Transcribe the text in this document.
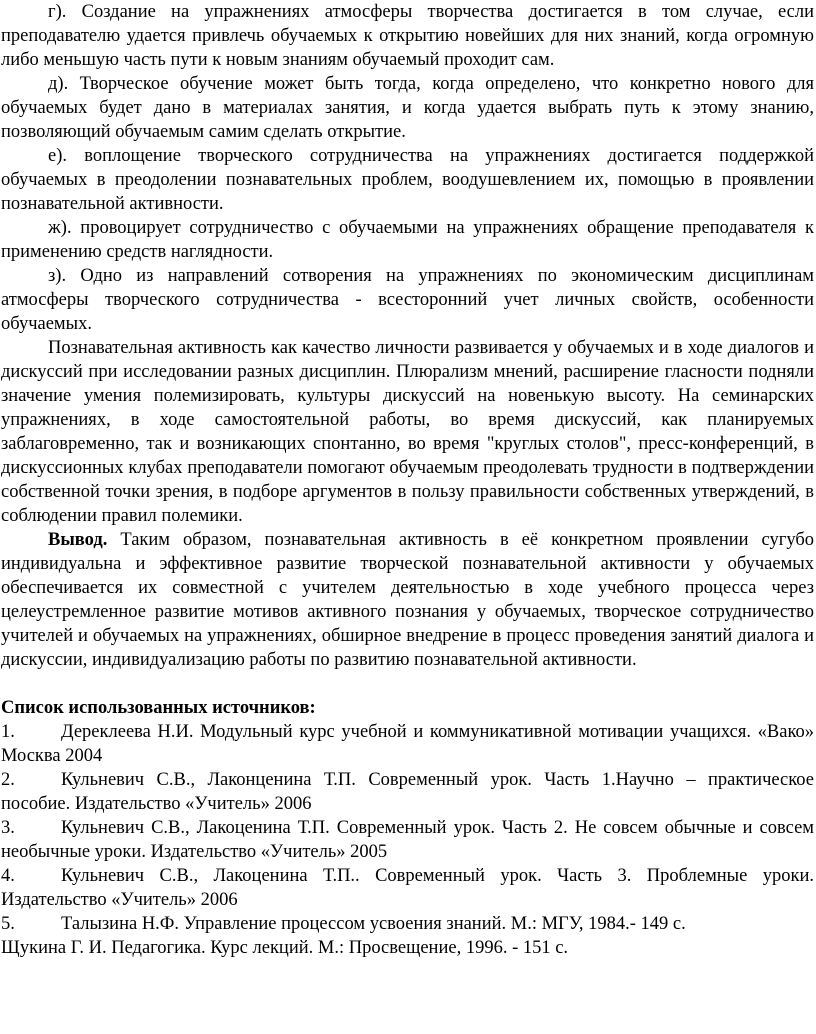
г). Создание на упражнениях атмосферы творчества достигается в том случае, если преподавателю удается привлечь обучаемых к открытию новейших для них знаний, когда огромную либо меньшую часть пути к новым знаниям обучаемый проходит сам.

д). Творческое обучение может быть тогда, когда определено, что конкретно нового для обучаемых будет дано в материалах занятия, и когда удается выбрать путь к этому знанию, позволяющий обучаемым самим сделать открытие.

е). воплощение творческого сотрудничества на упражнениях достигается поддержкой обучаемых в преодолении познавательных проблем, воодушевлением их, помощью в проявлении познавательной активности.

ж). провоцирует сотрудничество с обучаемыми на упражнениях обращение преподавателя к применению средств наглядности.

з). Одно из направлений сотворения на упражнениях по экономическим дисциплинам атмосферы творческого сотрудничества - всесторонний учет личных свойств, особенности обучаемых.

Познавательная активность как качество личности развивается у обучаемых и в ходе диалогов и дискуссий при исследовании разных дисциплин. Плюрализм мнений, расширение гласности подняли значение умения полемизировать, культуры дискуссий на новенькую высоту. На семинарских упражнениях, в ходе самостоятельной работы, во время дискуссий, как планируемых заблаговременно, так и возникающих спонтанно, во время "круглых столов", пресс-конференций, в дискуссионных клубах преподаватели помогают обучаемым преодолевать трудности в подтверждении собственной точки зрения, в подборе аргументов в пользу правильности собственных утверждений, в соблюдении правил полемики.

Вывод. Таким образом, познавательная активность в её конкретном проявлении сугубо индивидуальна и эффективное развитие творческой познавательной активности у обучаемых обеспечивается их совместной с учителем деятельностью в ходе учебного процесса через целеустремленное развитие мотивов активного познания у обучаемых, творческое сотрудничество учителей и обучаемых на упражнениях, обширное внедрение в процесс проведения занятий диалога и дискуссии, индивидуализацию работы по развитию познавательной активности.

Список использованных источников:

1. Дереклеева Н.И. Модульный курс учебной и коммуникативной мотивации учащихся. «Вако» Москва 2004

2. Кульневич С.В., Лаконценина Т.П. Современный урок. Часть 1.Научно – практическое пособие. Издательство «Учитель» 2006

3. Кульневич С.В., Лакоценина Т.П. Современный урок. Часть 2. Не совсем обычные и совсем необычные уроки. Издательство «Учитель» 2005

4. Кульневич С.В., Лакоценина Т.П.. Современный урок. Часть 3. Проблемные уроки. Издательство «Учитель» 2006

5. Талызина Н.Ф. Управление процессом усвоения знаний. М.: МГУ, 1984.- 149 с.

Щукина Г. И. Педагогика. Курс лекций. М.: Просвещение, 1996. - 151 с.
